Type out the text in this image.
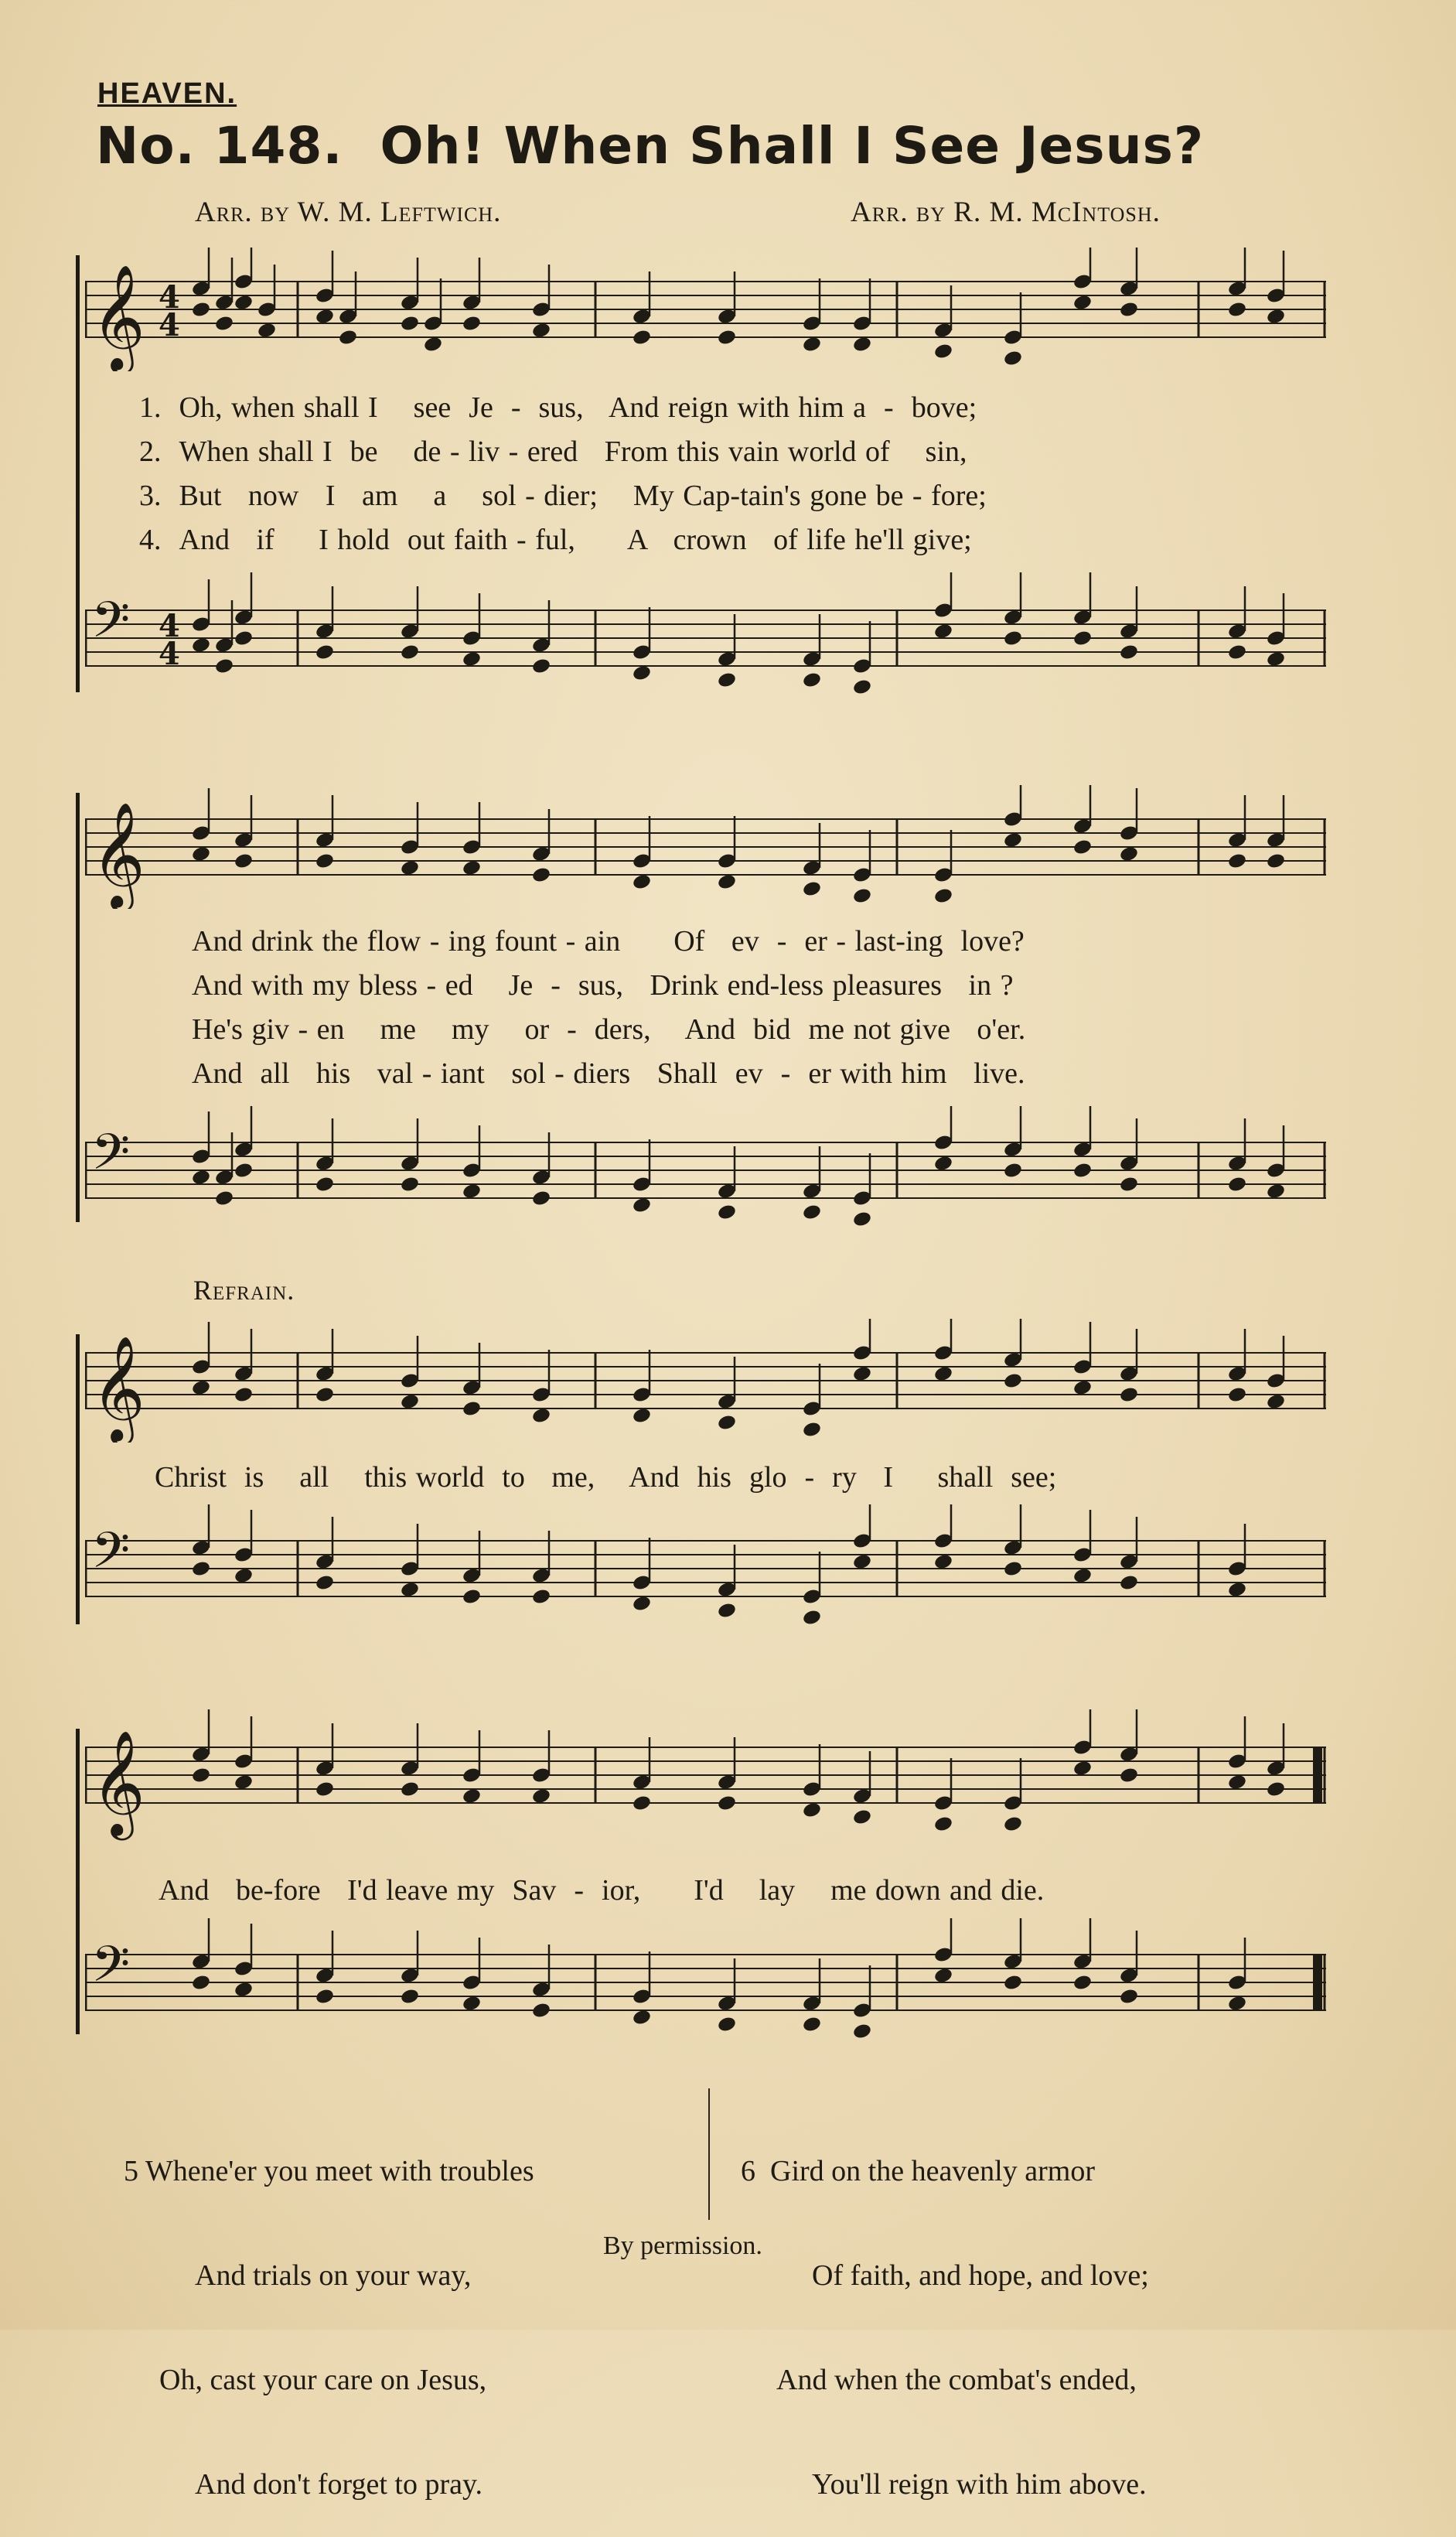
HEAVEN.
No. 148. Oh! When Shall I See Jesus?
Arr. by W. M. Leftwich.	Arr. by R. M. McIntosh.
𝄞 4
4
1. Oh, when shall I    see  Je  -  sus,   And reign with him a  -  bove;
2. When shall I  be    de - liv - ered   From this vain world of    sin,
3. But   now   I   am    a    sol - dier;    My Cap-tain's gone be - fore;
4. And   if     I hold  out faith - ful,      A   crown   of life he'll give;
𝄢 4
4
𝄞
And drink the flow - ing fount - ain      Of   ev  -  er - last-ing  love?
And with my bless - ed    Je  -  sus,   Drink end-less pleasures   in ?
He's giv - en    me    my    or  -  ders,    And  bid  me not give   o'er.
And  all   his   val - iant   sol - diers   Shall  ev  -  er with him   live.
𝄢
Refrain.
𝄞
Christ  is    all    this world  to   me,    And  his  glo  -  ry   I     shall  see;
𝄢
𝄞
And   be-fore   I'd leave my  Sav  -  ior,      I'd    lay    me down and die.
𝄢

5 Whene'er you meet with troubles

And trials on your way,

Oh, cast your care on Jesus,

And don't forget to pray.

6 Gird on the heavenly armor

Of faith, and hope, and love;

And when the combat's ended,

You'll reign with him above.

By permission.
